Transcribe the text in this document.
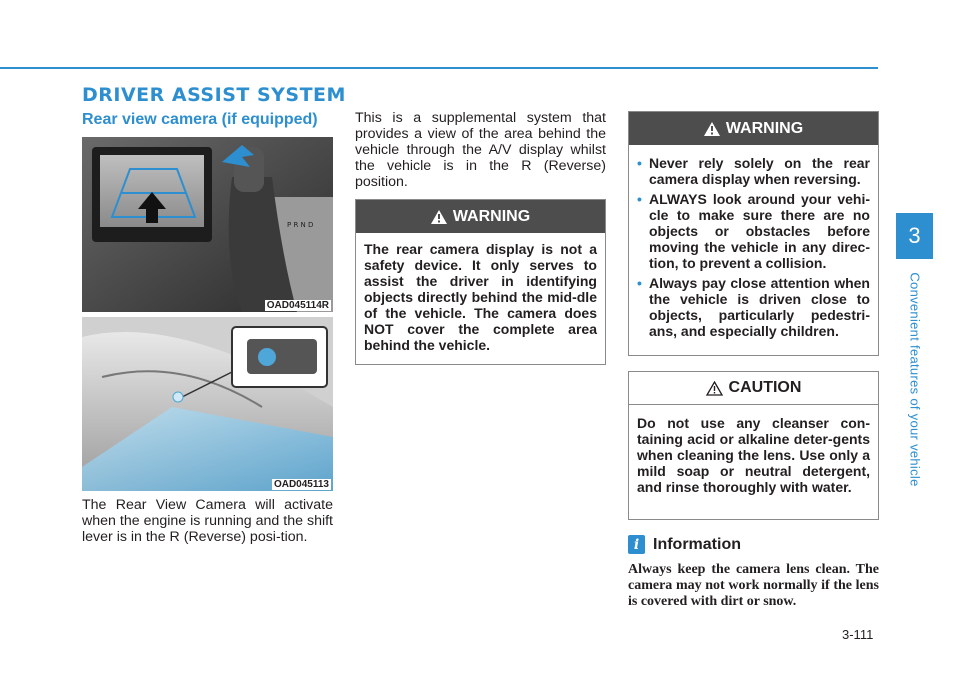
DRIVER ASSIST SYSTEM
Rear view camera (if equipped)
P R N D
OAD045114R
OAD045113
The Rear View Camera will activate when the engine is running and the shift lever is in the R (Reverse) posi-tion.
This is a supplemental system that provides a view of the area behind the vehicle through the A/V display whilst the vehicle is in the R (Reverse) position.
WARNING
The rear camera display is not a safety device. It only serves to assist the driver in identifying objects directly behind the mid-dle of the vehicle. The camera does NOT cover the complete area behind the vehicle.
WARNING
• Never rely solely on the rear camera display when reversing.
• ALWAYS look around your vehi-cle to make sure there are no objects or obstacles before moving the vehicle in any direc-tion, to prevent a collision.
• Always pay close attention when the vehicle is driven close to objects, particularly pedestri-ans, and especially children.
CAUTION
Do not use any cleanser con-taining acid or alkaline deter-gents when cleaning the lens. Use only a mild soap or neutral detergent, and rinse thoroughly with water.
i Information
Always keep the camera lens clean. The camera may not work normally if the lens is covered with dirt or snow.
3-111
3
Convenient features of your vehicle
